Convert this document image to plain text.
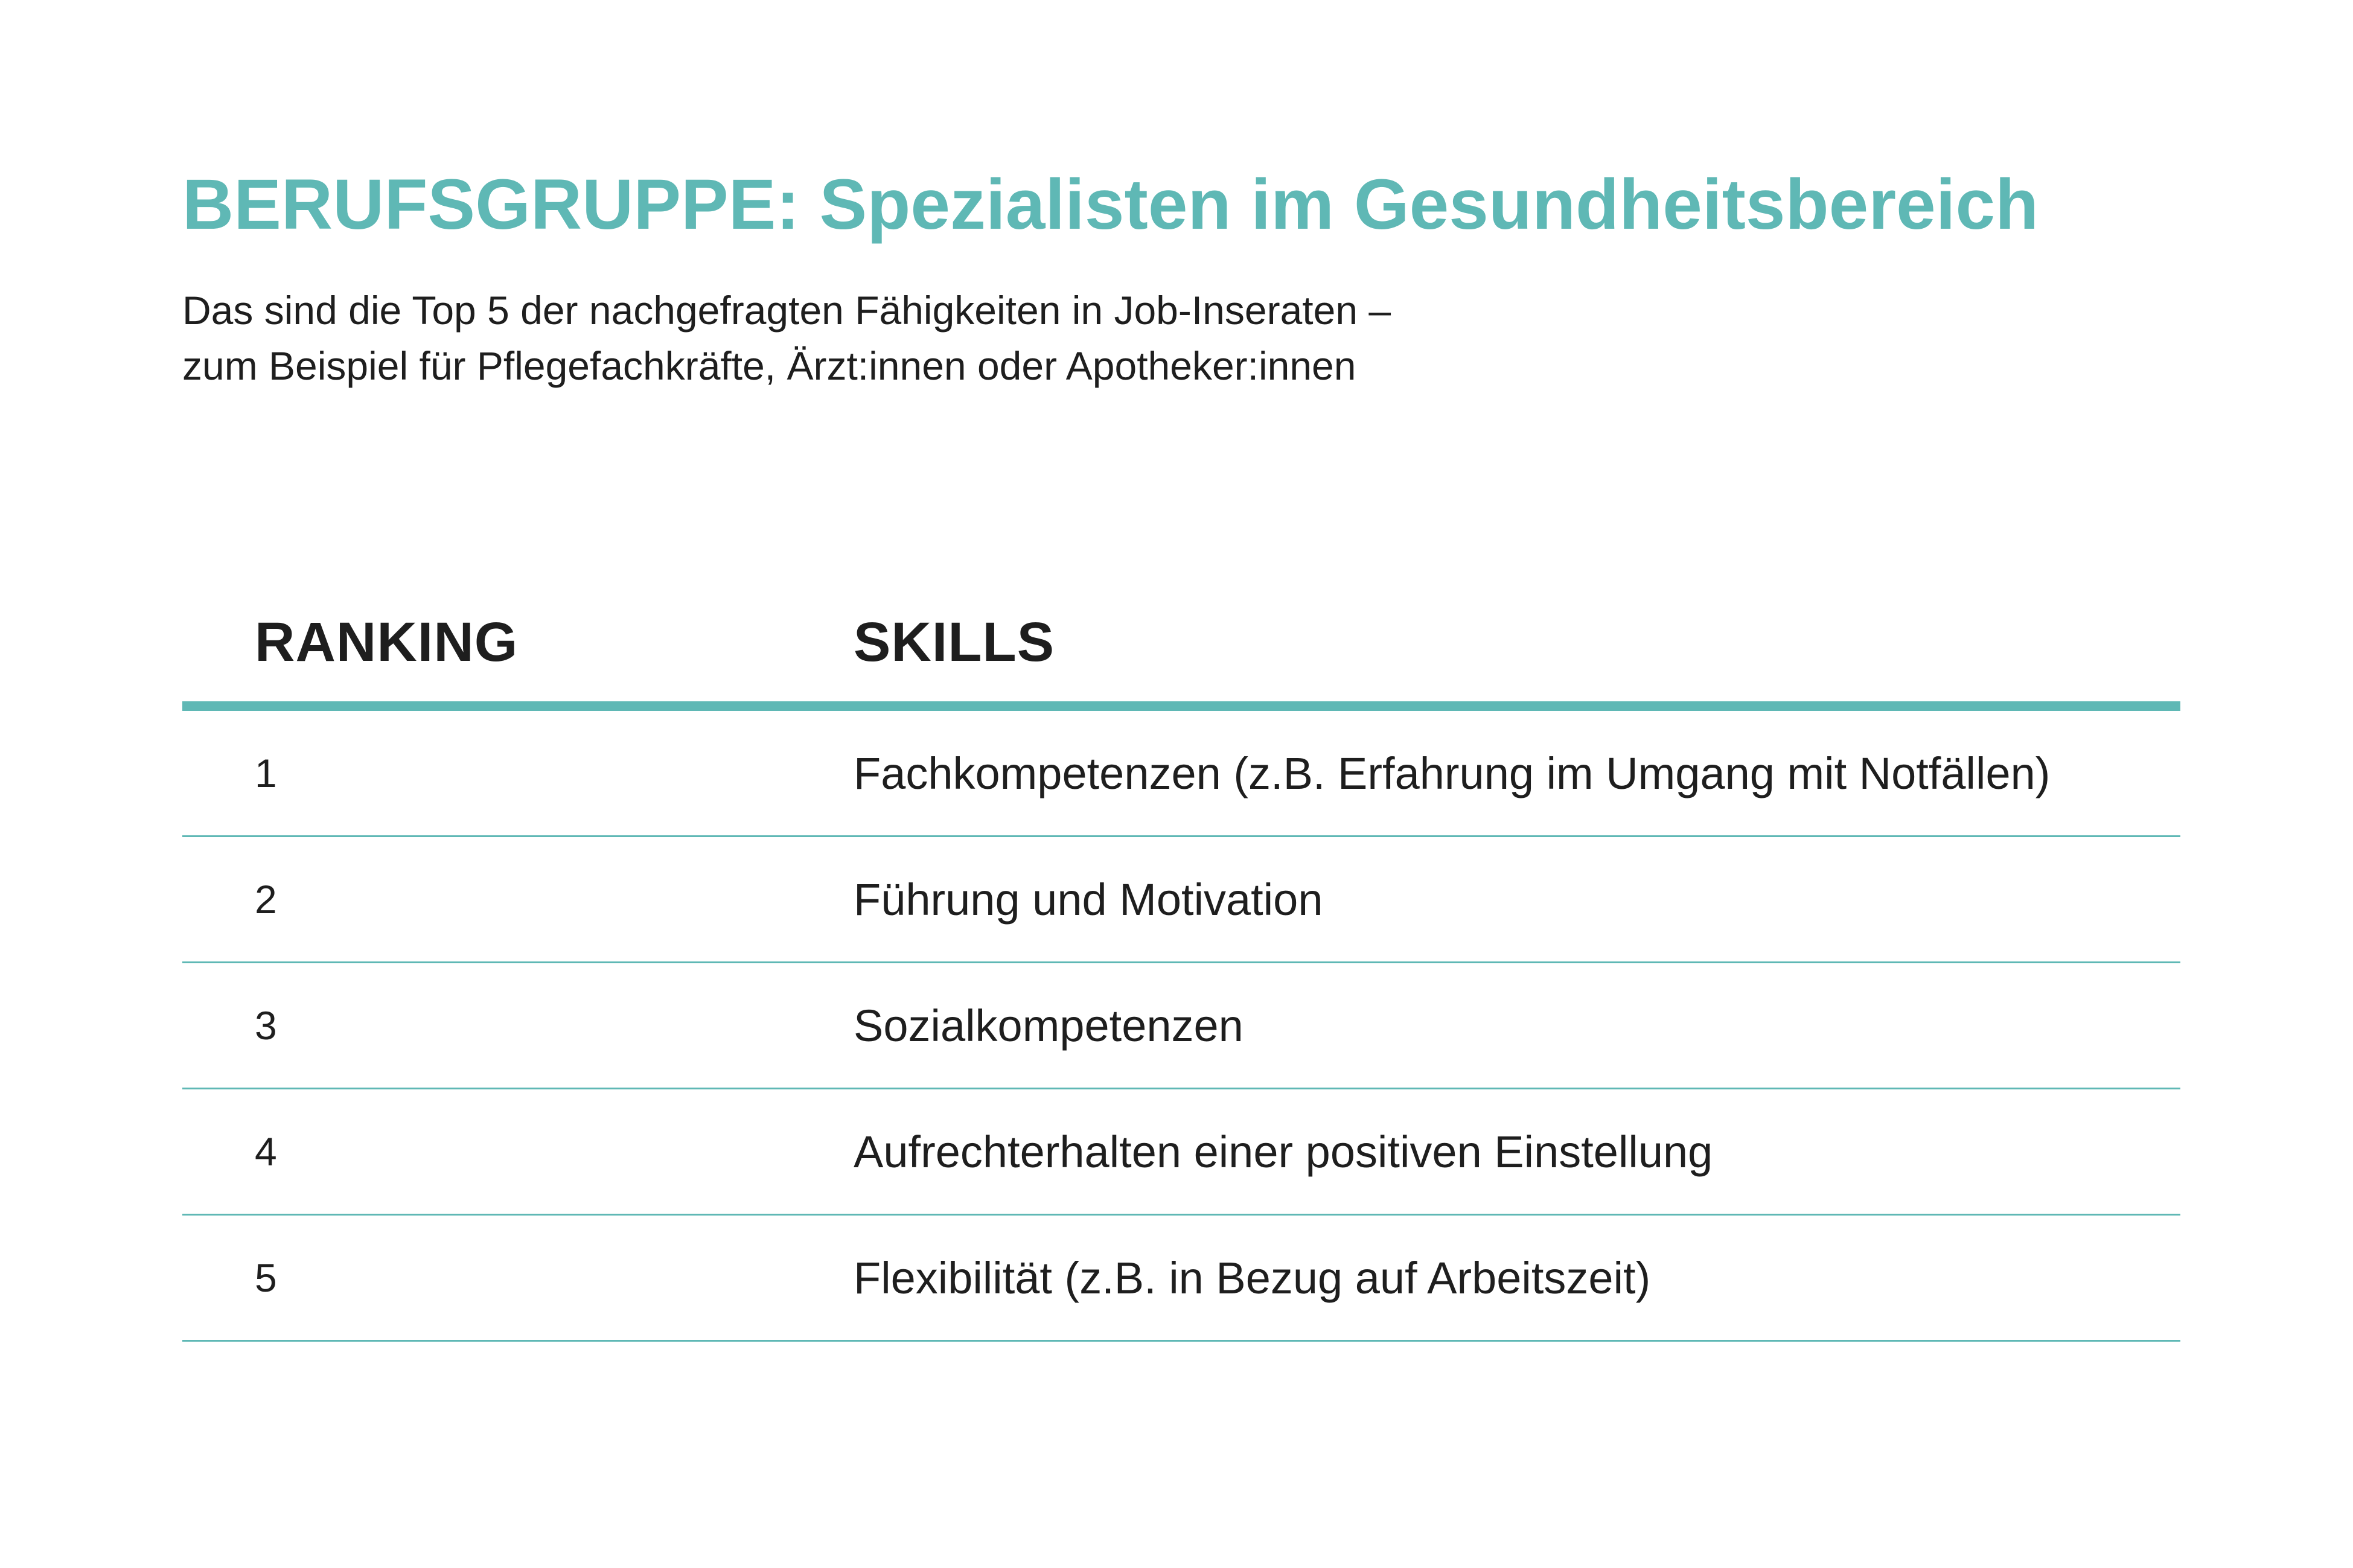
BERUFSGRUPPE: Spezialisten im Gesundheitsbereich

Das sind die Top 5 der nachgefragten Fähigkeiten in Job-Inseraten –
zum Beispiel für Pflegefachkräfte, Ärzt:innen oder Apotheker:innen

RANKING	SKILLS
1	Fachkompetenzen (z.B. Erfahrung im Umgang mit Notfällen)
2	Führung und Motivation
3	Sozialkompetenzen
4	Aufrechterhalten einer positiven Einstellung
5	Flexibilität (z.B. in Bezug auf Arbeitszeit)
